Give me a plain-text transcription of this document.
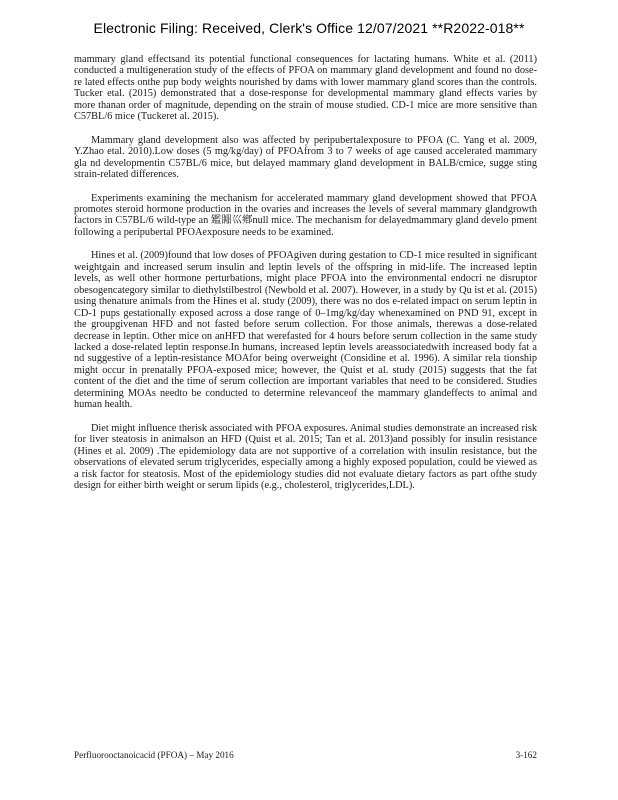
Electronic Filing: Received, Clerk's Office 12/07/2021 **R2022-018**

mammary gland effectsand its potential functional consequences for lactating humans. White et al. (2011) conducted a multigeneration study of the effects of PFOA on mammary gland development and found no dose-re lated effects onthe pup body weights nourished by dams with lower mammary gland scores than the controls. Tucker etal. (2015) demonstrated that a dose-response for developmental mammary gland effects varies by more thanan order of magnitude, depending on the strain of mouse studied. CD-1 mice are more sensitive than C57BL/6 mice (Tuckeret al. 2015).

Mammary gland development also was affected by peripubertalexposure to PFOA (C. Yang et al. 2009, Y.Zhao etal. 2010).Low doses (5 mg/kg/day) of PFOAfrom 3 to 7 weeks of age caused accelerated mammary gla nd developmentin C57BL/6 mice, but delayed mammary gland development in BALB/cmice, sugge sting strain-related differences.

Experiments examining the mechanism for accelerated mammary gland development showed that PFOA promotes steroid hormone production in the ovaries and increases the levels of several mammary glandgrowth factors in C57BL/6 wild-type an 鑑嘂巛鄕null mice. The mechanism for delayedmammary gland develo pment following a peripubertal PFOAexposure needs to be examined.

Hines et al. (2009)found that low doses of PFOAgiven during gestation to CD-1 mice resulted in significant weightgain and increased serum insulin and leptin levels of the offspring in mid-life. The increased leptin levels, as well other hormone perturbations, might place PFOA into the environmental endocri ne disruptor obesogencategory similar to diethylstilbestrol (Newbold et al. 2007). However, in a study by Qu ist et al. (2015) using thenature animals from the Hines et al. study (2009), there was no dos e-related impact on serum leptin in CD-1 pups gestationally exposed across a dose range of 0–1mg/kg/day whenexamined on PND 91, except in the groupgivenan HFD and not fasted before serum collection. For those animals, therewas a dose-related decrease in leptin. Other mice on anHFD that werefasted for 4 hours before serum collection in the same study lacked a dose-related leptin response.In humans, increased leptin levels areassociatedwith increased body fat a nd suggestive of a leptin-resistance MOAfor being overweight (Considine et al. 1996). A similar rela tionship might occur in prenatally PFOA-exposed mice; however, the Quist et al. study (2015) suggests that the fat content of the diet and the time of serum collection are important variables that need to be considered. Studies determining MOAs needto be conducted to determine relevanceof the mammary glandeffects to animal and human health.

Diet might influence therisk associated with PFOA exposures. Animal studies demonstrate an increased risk for liver steatosis in animalson an HFD (Quist et al. 2015; Tan et al. 2013)and possibly for insulin resistance (Hines et al. 2009) .The epidemiology data are not supportive of a correlation with insulin resistance, but the observations of elevated serum triglycerides, especially among a highly exposed population, could be viewed as a risk factor for steatosis. Most of the epidemiology studies did not evaluate dietary factors as part ofthe study design for either birth weight or serum lipids (e.g., cholesterol, triglycerides,LDL).

Perfluorooctanoicacid (PFOA) – May 2016	3-162
